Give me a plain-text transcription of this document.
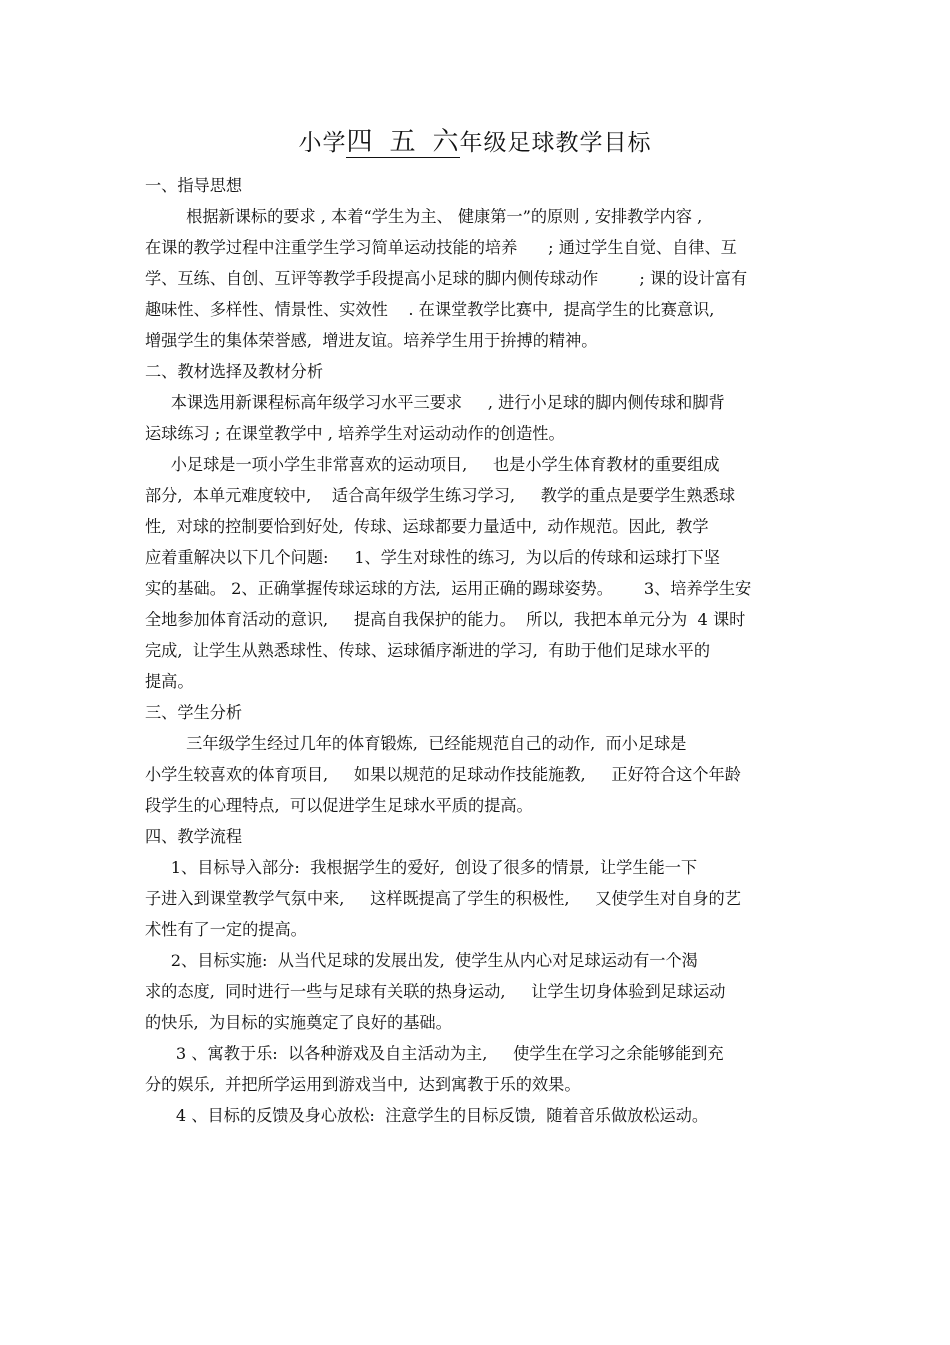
小学四 五 六年级足球教学目标
一、指导思想
根据新课标的要求 , 本着“学生为主、 健康第一”的原则 , 安排教学内容 ,
在课的教学过程中注重学生学习简单运动技能的培养      ; 通过学生自觉、自律、互
学、互练、自创、互评等教学手段提高小足球的脚内侧传球动作        ; 课的设计富有
趣味性、多样性、情景性、实效性    . 在课堂教学比赛中,  提高学生的比赛意识,
增强学生的集体荣誉感,  增进友谊。培养学生用于拚搏的精神。
二、教材选择及教材分析
本课选用新课程标高年级学习水平三要求     , 进行小足球的脚内侧传球和脚背
运球练习 ; 在课堂教学中 , 培养学生对运动动作的创造性。
小足球是一项小学生非常喜欢的运动项目,     也是小学生体育教材的重要组成
部分,  本单元难度较中,    适合高年级学生练习学习,     教学的重点是要学生熟悉球
性,  对球的控制要恰到好处,  传球、运球都要力量适中,  动作规范。因此,  教学
应着重解决以下几个问题:     1、学生对球性的练习,  为以后的传球和运球打下坚
实的基础。 2、正确掌握传球运球的方法,  运用正确的踢球姿势。      3、培养学生安
全地参加体育活动的意识,     提高自我保护的能力。  所以,  我把本单元分为  4 课时
完成,  让学生从熟悉球性、传球、运球循序渐进的学习,  有助于他们足球水平的
提高。
三、学生分析
三年级学生经过几年的体育锻炼,  已经能规范自己的动作,  而小足球是
小学生较喜欢的体育项目,     如果以规范的足球动作技能施教,     正好符合这个年龄
段学生的心理特点,  可以促进学生足球水平质的提高。
四、教学流程
1、目标导入部分:  我根据学生的爱好,  创设了很多的情景,  让学生能一下
子进入到课堂教学气氛中来,     这样既提高了学生的积极性,     又使学生对自身的艺
术性有了一定的提高。
2、目标实施:  从当代足球的发展出发,  使学生从内心对足球运动有一个渴
求的态度,  同时进行一些与足球有关联的热身运动,     让学生切身体验到足球运动
的快乐,  为目标的实施奠定了良好的基础。
3 、寓教于乐:  以各种游戏及自主活动为主,     使学生在学习之余能够能到充
分的娱乐,  并把所学运用到游戏当中,  达到寓教于乐的效果。
4 、目标的反馈及身心放松:  注意学生的目标反馈,  随着音乐做放松运动。
